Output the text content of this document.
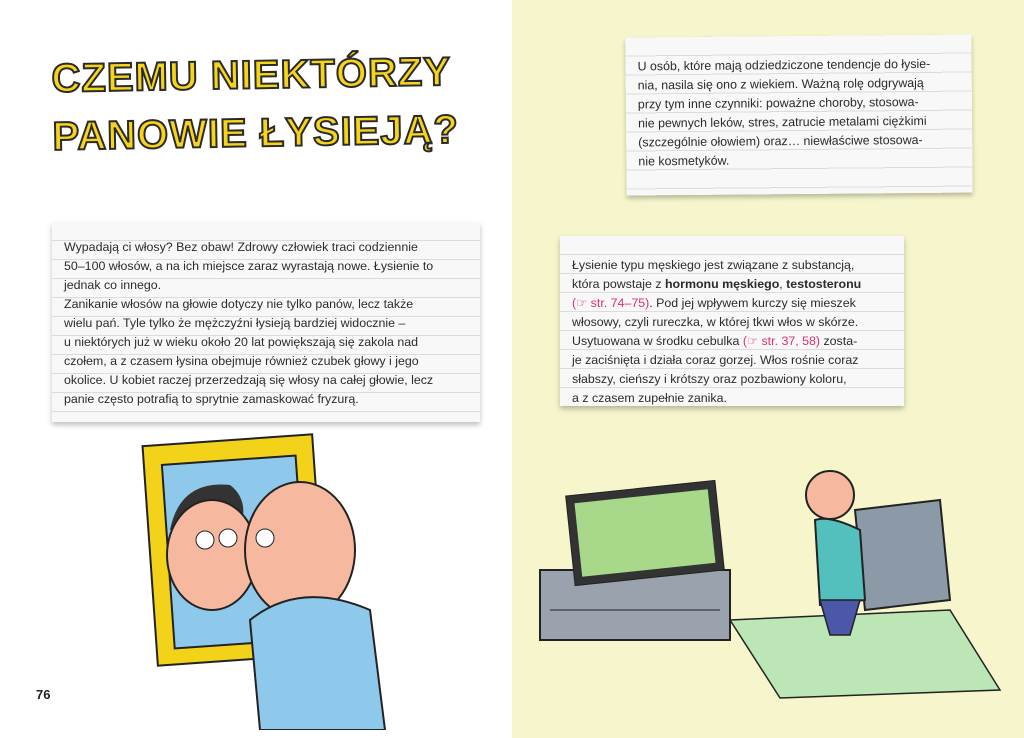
CZEMU NIEKTÓRZY
PANOWIE ŁYSIEJĄ?
Wypadają ci włosy? Bez obaw! Zdrowy człowiek traci codziennie
50–100 włosów, a na ich miejsce zaraz wyrastają nowe. Łysienie to
jednak co innego.
Zanikanie włosów na głowie dotyczy nie tylko panów, lecz także
wielu pań. Tyle tylko że mężczyźni łysieją bardziej widocznie –
u niektórych już w wieku około 20 lat powiększają się zakola nad
czołem, a z czasem łysina obejmuje również czubek głowy i jego
okolice. U kobiet raczej przerzedzają się włosy na całej głowie, lecz
panie często potrafią to sprytnie zamaskować fryzurą.
U osób, które mają odziedziczone tendencje do łysie-
nia, nasila się ono z wiekiem. Ważną rolę odgrywają
przy tym inne czynniki: poważne choroby, stosowa-
nie pewnych leków, stres, zatrucie metalami ciężkimi
(szczególnie ołowiem) oraz… niewłaściwe stosowa-
nie kosmetyków.
Łysienie typu męskiego jest związane z substancją,
która powstaje z hormonu męskiego, testosteronu
(☞ str. 74–75). Pod jej wpływem kurczy się mieszek
włosowy, czyli rureczka, w której tkwi włos w skórze.
Usytuowana w środku cebulka (☞ str. 37, 58) zosta-
je zaciśnięta i działa coraz gorzej. Włos rośnie coraz
słabszy, cieńszy i krótszy oraz pozbawiony koloru,
a z czasem zupełnie zanika.
76
